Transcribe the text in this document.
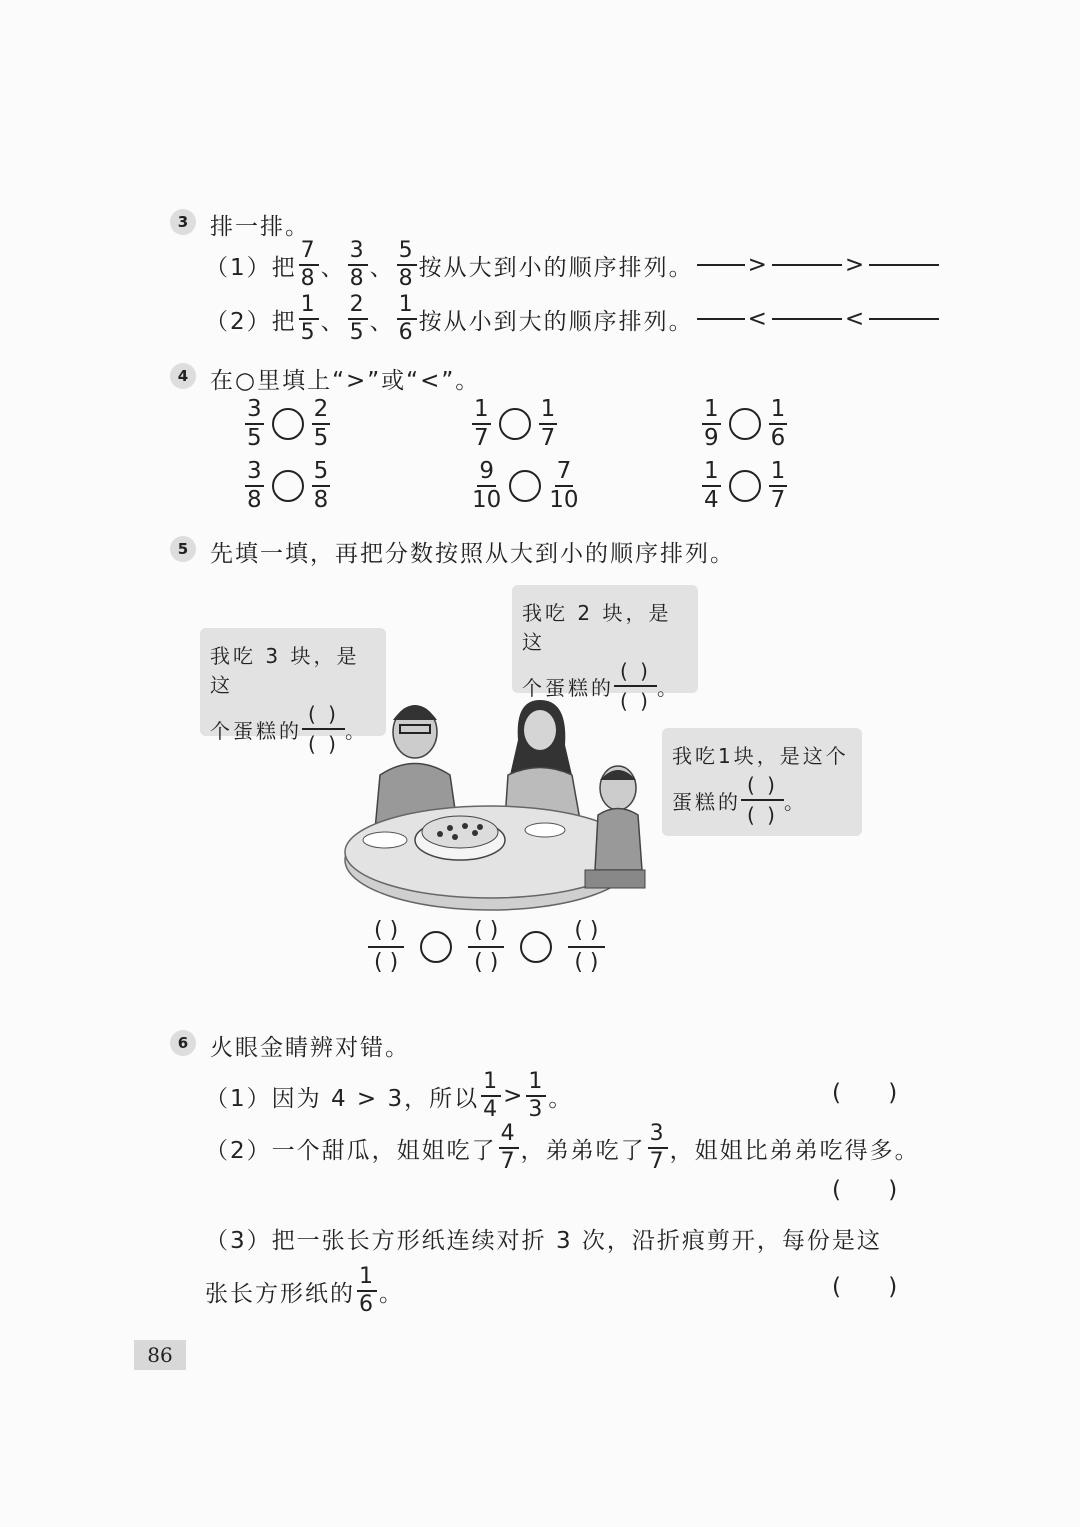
3 排一排。
（1）把 $\frac{7}{8}$ 、 $\frac{3}{8}$ 、 $\frac{5}{8}$ 按从大到小的顺序排列。 >	>
（2）把 $\frac{1}{5}$ 、 $\frac{2}{5}$ 、 $\frac{1}{6}$ 按从小到大的顺序排列。 <	<
4 在○里填上“>”或“<”。
$\frac{3}{5} \frac{2}{5}$	$\frac{1}{7} \frac{1}{7}$	$\frac{1}{9} \frac{1}{6}$
$\frac{3}{8} \frac{5}{8}$	$\frac{9}{10} \frac{7}{10}$	$\frac{1}{4} \frac{1}{7}$
5 先填一填，再把分数按照从大到小的顺序排列。
我吃 3 块，是这
个蛋糕的
( )
( )
。
我吃 2 块，是这
个蛋糕的
( )
( )
。
我吃1块，是这个
蛋糕的
( )
( )
。
( )
( )
( )
( )
( )
( )
6 火眼金睛辨对错。
（1）因为 4 > 3，所以 $\frac{1}{4} > \frac{1}{3}$ 。	( )
（2）一个甜瓜，姐姐吃了 $\frac{4}{7}$ ，弟弟吃了 $\frac{3}{7}$ ，姐姐比弟弟吃得多。
( )
（3）把一张长方形纸连续对折 3 次，沿折痕剪开，每份是这
张长方形纸的 $\frac{1}{6}$ 。	( )
86
